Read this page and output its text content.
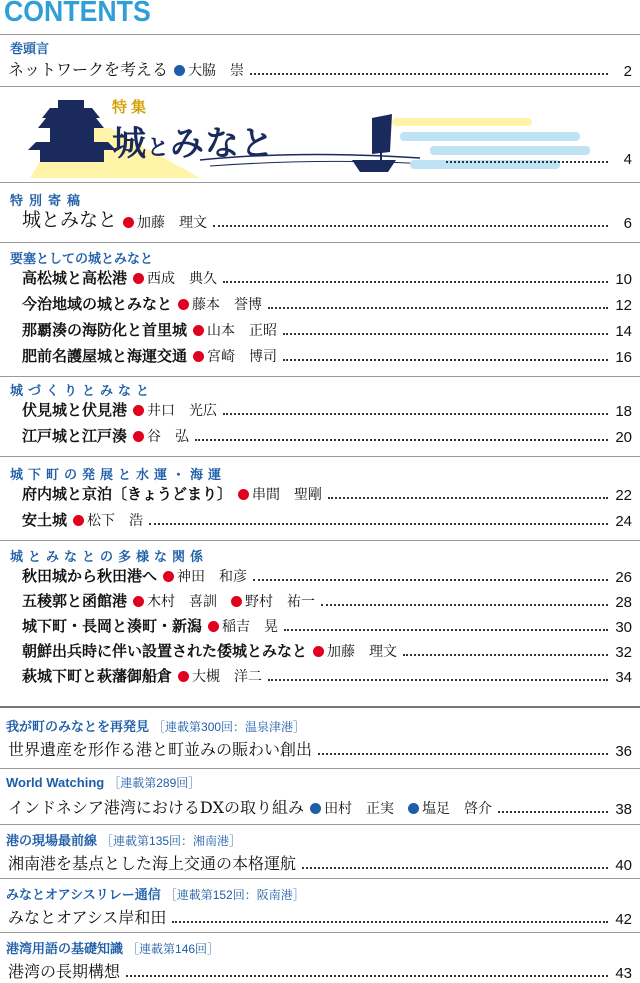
CONTENTS
巻頭言
ネットワークを考える 大脇　崇	2
特集
城とみなと	4
特別寄稿
城とみなと 加藤　理文	6
要塞としての城とみなと
高松城と高松港 西成　典久	10
今治地域の城とみなと 藤本　誉博	12
那覇湊の海防化と首里城 山本　正昭	14
肥前名護屋城と海運交通 宮崎　博司	16
城づくりとみなと
伏見城と伏見港 井口　光広	18
江戸城と江戸湊 谷　弘	20
城下町の発展と水運・海運
府内城と京泊〔きょうどまり〕 串間　聖剛	22
安土城 松下　浩	24
城とみなとの多様な関係
秋田城から秋田港へ 神田　和彦	26
五稜郭と函館港 木村　喜訓 野村　祐一	28
城下町・長岡と湊町・新潟 稲吉　晃	30
朝鮮出兵時に伴い設置された倭城とみなと 加藤　理文	32
萩城下町と萩藩御船倉 大槻　洋二	34
我が町のみなとを再発見 ［連載第300回：温泉津港］
世界遺産を形作る港と町並みの賑わい創出	36
World Watching ［連載第289回］
インドネシア港湾におけるDXの取り組み 田村　正実 塩足　啓介	38
港の現場最前線 ［連載第135回：湘南港］
湘南港を基点とした海上交通の本格運航	40
みなとオアシスリレー通信 ［連載第152回：阪南港］
みなとオアシス岸和田	42
港湾用語の基礎知識 ［連載第146回］
港湾の長期構想	43
